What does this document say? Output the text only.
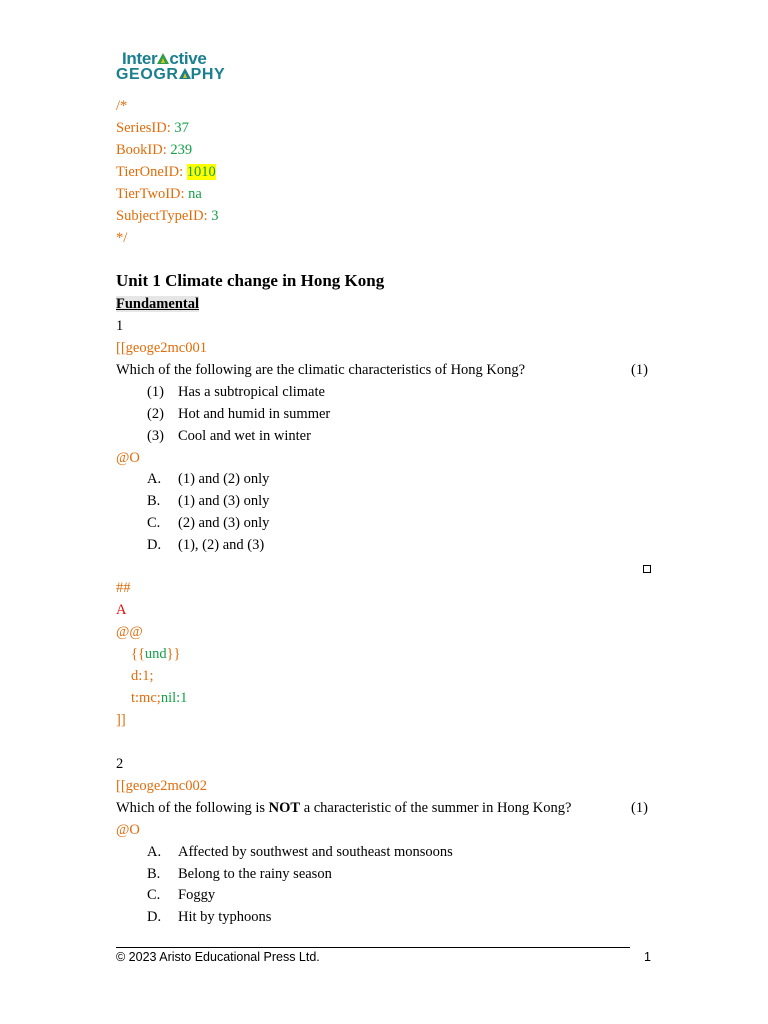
Inter ctive
GEOGR PHY
/*
SeriesID: 37
BookID: 239
TierOneID: 1010
TierTwoID: na
SubjectTypeID: 3
*/
Unit 1 Climate change in Hong Kong
Fundamental
1
[[geoge2mc001
Which of the following are the climatic characteristics of Hong Kong?	(1)
(1) Has a subtropical climate
(2) Hot and humid in summer
(3) Cool and wet in winter
@O
A. (1) and (2) only
B. (1) and (3) only
C. (2) and (3) only
D. (1), (2) and (3)
##
A
@@
{{und}}
d:1;
t:mc;nil:1
]]
2
[[geoge2mc002
Which of the following is NOT a characteristic of the summer in Hong Kong?	(1)
@O
A. Affected by southwest and southeast monsoons
B. Belong to the rainy season
C. Foggy
D. Hit by typhoons
© 2023 Aristo Educational Press Ltd.	1
